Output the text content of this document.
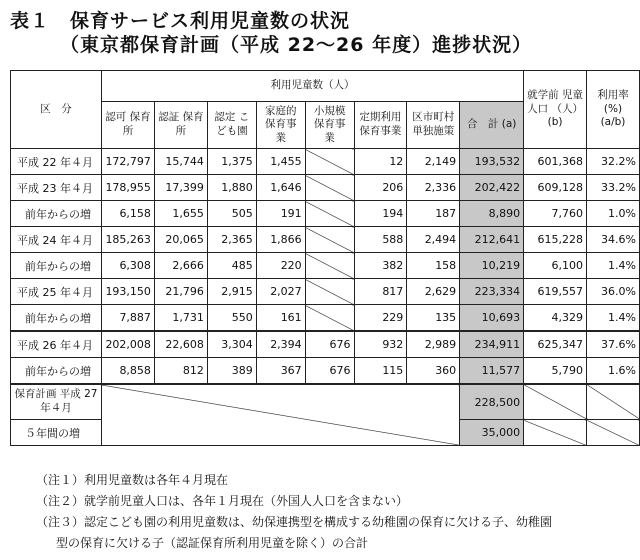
表１　保育サービス利用児童数の状況
（東京都保育計画（平成 22～26 年度）進捗状況）
区　分	利用児童数（人）								就学前 児童人口 （人） (b)	利用率 (%) (a/b)
	認可 保育所	認証 保育所	認定 こども園	家庭的 保育事業	小規模 保育事業	定期利用 保育事業	区市町村 単独施策	合　計 (a)		
平成 22 年４月	172,797	15,744	1,375	1,455		12	2,149	193,532	601,368	32.2%
平成 23 年４月	178,955	17,399	1,880	1,646		206	2,336	202,422	609,128	33.2%
前年からの増	6,158	1,655	505	191		194	187	8,890	7,760	1.0%
平成 24 年４月	185,263	20,065	2,365	1,866		588	2,494	212,641	615,228	34.6%
前年からの増	6,308	2,666	485	220		382	158	10,219	6,100	1.4%
平成 25 年４月	193,150	21,796	2,915	2,027		817	2,629	223,334	619,557	36.0%
前年からの増	7,887	1,731	550	161		229	135	10,693	4,329	1.4%
平成 26 年４月	202,008	22,608	3,304	2,394	676	932	2,989	234,911	625,347	37.6%
前年からの増	8,858	812	389	367	676	115	360	11,577	5,790	1.6%
保育計画 平成 27 年４月								228,500		
５年間の増								35,000		
（注１）利用児童数は各年４月現在
（注２）就学前児童人口は、各年１月現在（外国人人口を含まない）
（注３）認定こども園の利用児童数は、幼保連携型を構成する幼稚園の保育に欠ける子、幼稚園
型の保育に欠ける子（認証保育所利用児童を除く）の合計
